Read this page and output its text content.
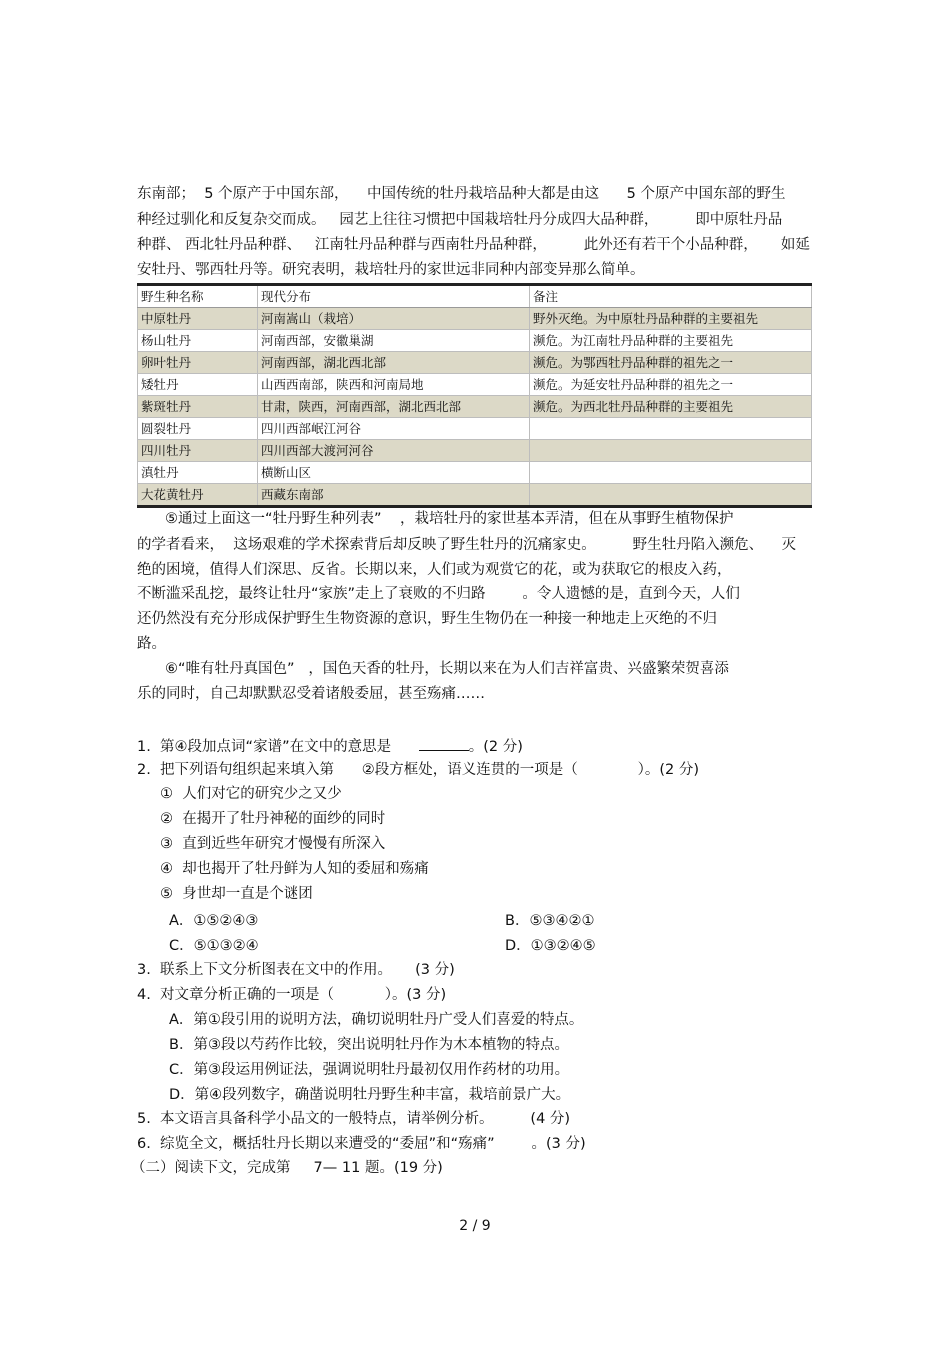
东南部；  5 个原产于中国东部，    中国传统的牡丹栽培品种大都是由这      5 个原产中国东部的野生
种经过驯化和反复杂交而成。   园艺上往往习惯把中国栽培牡丹分成四大品种群，        即中原牡丹品
种群、 西北牡丹品种群、   江南牡丹品种群与西南牡丹品种群，        此外还有若干个小品种群，     如延
安牡丹、鄂西牡丹等。研究表明，栽培牡丹的家世远非同种内部变异那么简单。
野生种名称	现代分布	备注
中原牡丹	河南嵩山（栽培）	野外灭绝。为中原牡丹品种群的主要祖先
杨山牡丹	河南西部，安徽巢湖	濒危。为江南牡丹品种群的主要祖先
卵叶牡丹	河南西部，湖北西北部	濒危。为鄂西牡丹品种群的祖先之一
矮牡丹	山西西南部，陕西和河南局地	濒危。为延安牡丹品种群的祖先之一
紫斑牡丹	甘肃，陕西，河南西部，湖北西北部	濒危。为西北牡丹品种群的主要祖先
圆裂牡丹	四川西部岷江河谷	
四川牡丹	四川西部大渡河河谷	
滇牡丹	横断山区	
大花黄牡丹	西藏东南部	
⑤通过上面这一“牡丹野生种列表”    ，栽培牡丹的家世基本弄清，但在从事野生植物保护
的学者看来，  这场艰难的学术探索背后却反映了野生牡丹的沉痛家史。        野生牡丹陷入濒危、    灭
绝的困境，值得人们深思、反省。长期以来，人们或为观赏它的花，或为获取它的根皮入药，
不断滥采乱挖，最终让牡丹“家族”走上了衰败的不归路        。令人遗憾的是，直到今天，人们
还仍然没有充分形成保护野生生物资源的意识，野生生物仍在一种接一种地走上灭绝的不归
路。
⑥“唯有牡丹真国色”   ，国色天香的牡丹，长期以来在为人们吉祥富贵、兴盛繁荣贺喜添
乐的同时，自己却默默忍受着诸般委屈，甚至殇痛……
1.  第④段加点词“家谱”在文中的意思是	。(2 分)
2.  把下列语句组织起来填入第      ②段方框处，语义连贯的一项是（             ）。(2 分)
①  人们对它的研究少之又少
②  在揭开了牡丹神秘的面纱的同时
③  直到近些年研究才慢慢有所深入
④  却也揭开了牡丹鲜为人知的委屈和殇痛
⑤  身世却一直是个谜团
A．①⑤②④③	B．⑤③④②①
C．⑤①③②④	D．①③②④⑤
3.  联系上下文分析图表在文中的作用。     (3 分)
4.  对文章分析正确的一项是（           ）。(3 分)
A．第①段引用的说明方法，确切说明牡丹广受人们喜爱的特点。
B．第③段以芍药作比较，突出说明牡丹作为木本植物的特点。
C．第③段运用例证法，强调说明牡丹最初仅用作药材的功用。
D．第④段列数字，确凿说明牡丹野生种丰富，栽培前景广大。
5.  本文语言具备科学小品文的一般特点，请举例分析。        (4 分)
6.  综览全文，概括牡丹长期以来遭受的“委屈”和“殇痛”        。(3 分)
（二）阅读下文，完成第     7— 11 题。(19 分)
2 / 9
